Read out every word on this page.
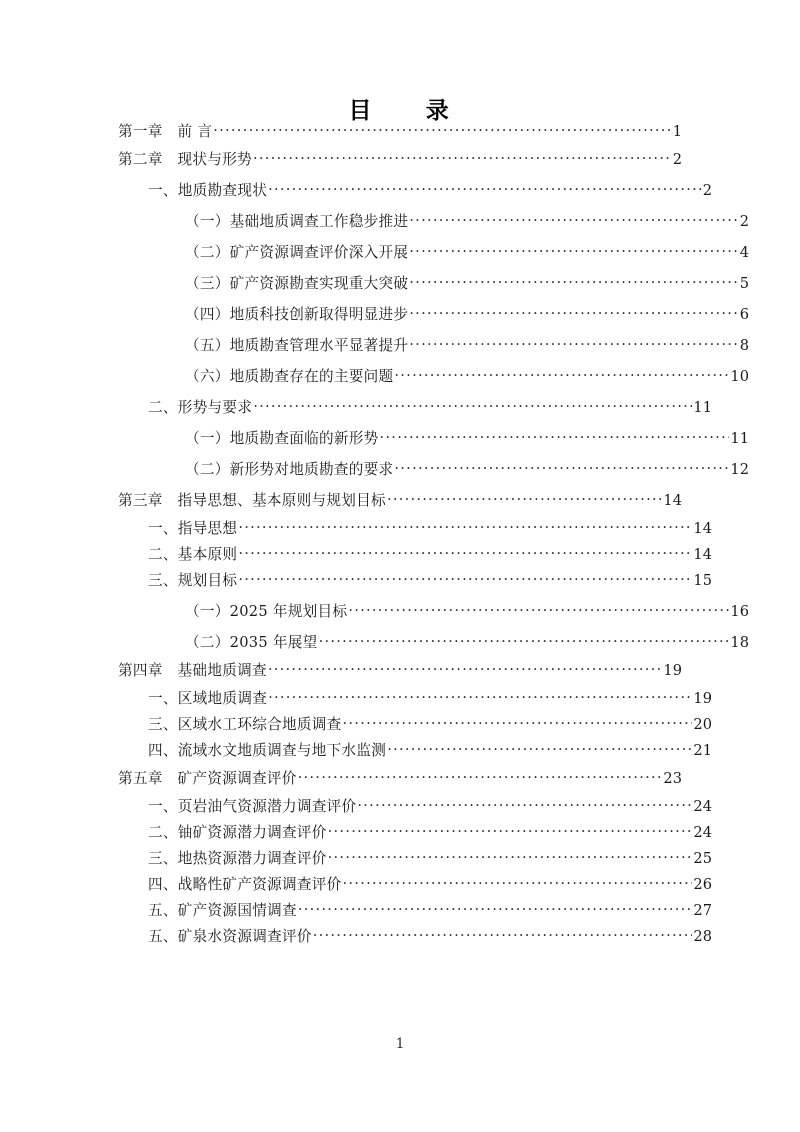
目　　录
第一章　前 言 .....	1
第二章　现状与形势 .....	2
一、地质勘查现状 .....	2
（一）基础地质调查工作稳步推进 .....	2
（二）矿产资源调查评价深入开展 .....	4
（三）矿产资源勘查实现重大突破 .....	5
（四）地质科技创新取得明显进步 .....	6
（五）地质勘查管理水平显著提升 .....	8
（六）地质勘查存在的主要问题 .....	10
二、形势与要求 .....	11
（一）地质勘查面临的新形势 .....	11
（二）新形势对地质勘查的要求 .....	12
第三章　指导思想、基本原则与规划目标 .....	14
一、指导思想 .....	14
二、基本原则 .....	14
三、规划目标 .....	15
（一）2025 年规划目标 .....	16
（二）2035 年展望 .....	18
第四章　基础地质调查 .....	19
一、区域地质调查 .....	19
三、区域水工环综合地质调查 .....	20
四、流域水文地质调查与地下水监测 .....	21
第五章　矿产资源调查评价 .....	23
一、页岩油气资源潜力调查评价 .....	24
二、铀矿资源潜力调查评价 .....	24
三、地热资源潜力调查评价 .....	25
四、战略性矿产资源调查评价 .....	26
五、矿产资源国情调查 .....	27
五、矿泉水资源调查评价 .....	28
1
